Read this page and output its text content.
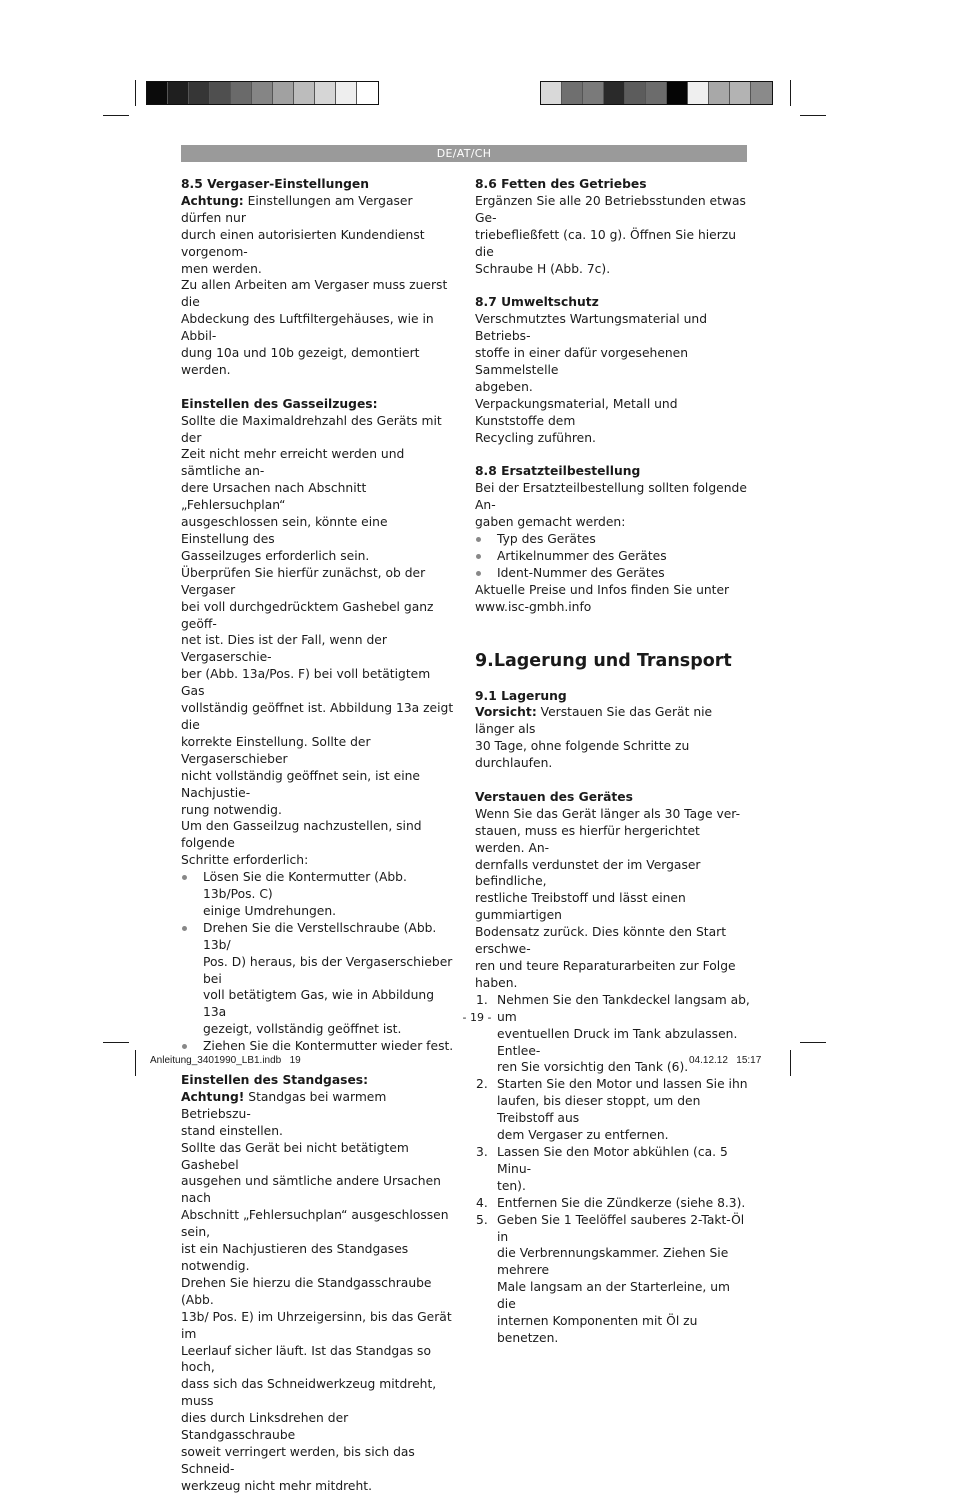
DE/AT/CH

8.5 Vergaser-Einstellungen

Achtung: Einstellungen am Vergaser dürfen nur

durch einen autorisierten Kundendienst vorgenom-

men werden.

Zu allen Arbeiten am Vergaser muss zuerst die

Abdeckung des Luftfiltergehäuses, wie in Abbil-

dung 10a und 10b gezeigt, demontiert werden.

Einstellen des Gasseilzuges:

Sollte die Maximaldrehzahl des Geräts mit der

Zeit nicht mehr erreicht werden und sämtliche an-

dere Ursachen nach Abschnitt „Fehlersuchplan“

ausgeschlossen sein, könnte eine Einstellung des

Gasseilzuges erforderlich sein.

Überprüfen Sie hierfür zunächst, ob der Vergaser

bei voll durchgedrücktem Gashebel ganz geöff-

net ist. Dies ist der Fall, wenn der Vergaserschie-

ber (Abb. 13a/Pos. F) bei voll betätigtem Gas

vollständig geöffnet ist. Abbildung 13a zeigt die

korrekte Einstellung. Sollte der Vergaserschieber

nicht vollständig geöffnet sein, ist eine Nachjustie-

rung notwendig.

Um den Gasseilzug nachzustellen, sind folgende

Schritte erforderlich:

Lösen Sie die Kontermutter (Abb. 13b/Pos. C)
einige Umdrehungen.
Drehen Sie die Verstellschraube (Abb. 13b/
Pos. D) heraus, bis der Vergaserschieber bei
voll betätigtem Gas, wie in Abbildung 13a
gezeigt, vollständig geöffnet ist.
Ziehen Sie die Kontermutter wieder fest.

Einstellen des Standgases:

Achtung! Standgas bei warmem Betriebszu-

stand einstellen.

Sollte das Gerät bei nicht betätigtem Gashebel

ausgehen und sämtliche andere Ursachen nach

Abschnitt „Fehlersuchplan“ ausgeschlossen sein,

ist ein Nachjustieren des Standgases notwendig.

Drehen Sie hierzu die Standgasschraube (Abb.

13b/ Pos. E) im Uhrzeigersinn, bis das Gerät im

Leerlauf sicher läuft. Ist das Standgas so hoch,

dass sich das Schneidwerkzeug mitdreht, muss

dies durch Linksdrehen der Standgasschraube

soweit verringert werden, bis sich das Schneid-

werkzeug nicht mehr mitdreht.

8.6 Fetten des Getriebes

Ergänzen Sie alle 20 Betriebsstunden etwas Ge-

triebefließfett (ca. 10 g). Öffnen Sie hierzu die

Schraube H (Abb. 7c).

8.7 Umweltschutz

Verschmutztes Wartungsmaterial und Betriebs-

stoffe in einer dafür vorgesehenen Sammelstelle

abgeben.

Verpackungsmaterial, Metall und Kunststoffe dem

Recycling zuführen.

8.8 Ersatzteilbestellung

Bei der Ersatzteilbestellung sollten folgende An-

gaben gemacht werden:

Typ des Gerätes
Artikelnummer des Gerätes
Ident-Nummer des Gerätes

Aktuelle Preise und Infos finden Sie unter

www.isc-gmbh.info

9.Lagerung und Transport

9.1 Lagerung

Vorsicht: Verstauen Sie das Gerät nie länger als

30 Tage, ohne folgende Schritte zu durchlaufen.

Verstauen des Gerätes

Wenn Sie das Gerät länger als 30 Tage ver-

stauen, muss es hierfür hergerichtet werden. An-

dernfalls verdunstet der im Vergaser befindliche,

restliche Treibstoff und lässt einen gummiartigen

Bodensatz zurück. Dies könnte den Start erschwe-

ren und teure Reparaturarbeiten zur Folge haben.

1. Nehmen Sie den Tankdeckel langsam ab, um
eventuellen Druck im Tank abzulassen. Entlee-
ren Sie vorsichtig den Tank (6).
2. Starten Sie den Motor und lassen Sie ihn
laufen, bis dieser stoppt, um den Treibstoff aus
dem Vergaser zu entfernen.
3. Lassen Sie den Motor abkühlen (ca. 5 Minu-
ten).
4. Entfernen Sie die Zündkerze (siehe 8.3).
5. Geben Sie 1 Teelöffel sauberes 2-Takt-Öl in
die Verbrennungskammer. Ziehen Sie mehrere
Male langsam an der Starterleine, um die
internen Komponenten mit Öl zu benetzen.
- 19 -
Anleitung_3401990_LB1.indb   19	04.12.12   15:17
